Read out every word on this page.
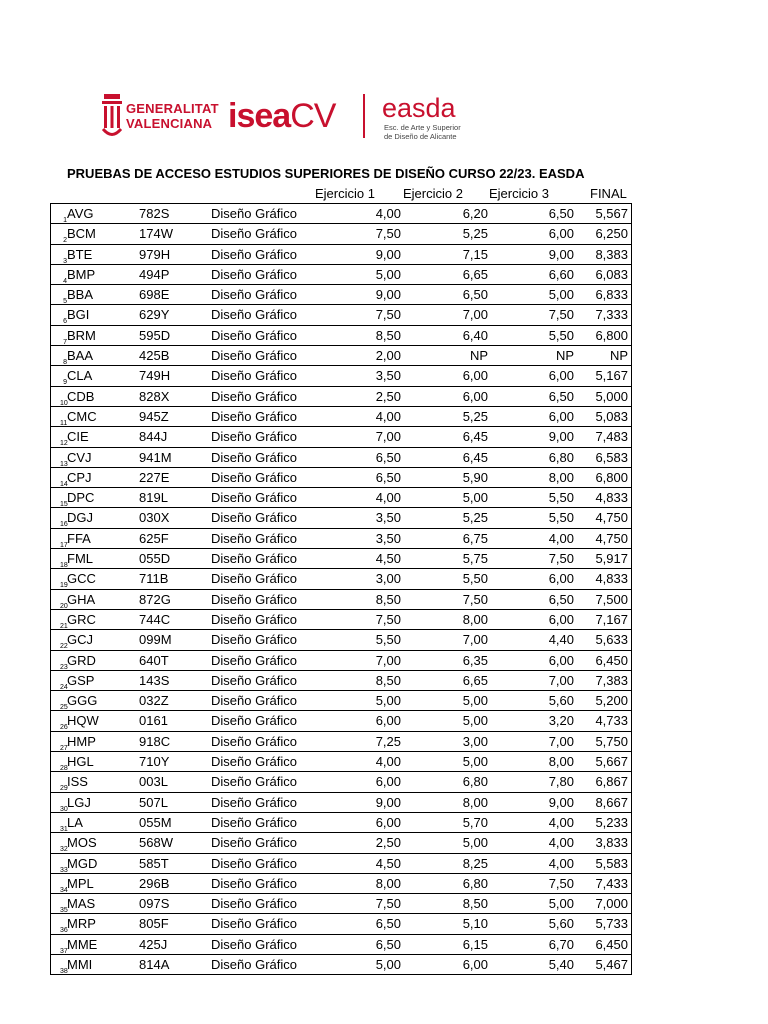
GENERALITAT
VALENCIANA iseaCV easda
Esc. de Arte y Superior
de Diseño de Alicante
PRUEBAS DE ACCESO ESTUDIOS SUPERIORES DE DISEÑO CURSO 22/23. EASDA
Ejercicio 1 Ejercicio 2 Ejercicio 3	FINAL
1 AVG	782S	Diseño Gráfico	4,00	6,20	6,50	5,567
2 BCM	174W	Diseño Gráfico	7,50	5,25	6,00	6,250
3 BTE	979H	Diseño Gráfico	9,00	7,15	9,00	8,383
4 BMP	494P	Diseño Gráfico	5,00	6,65	6,60	6,083
5 BBA	698E	Diseño Gráfico	9,00	6,50	5,00	6,833
6 BGI	629Y	Diseño Gráfico	7,50	7,00	7,50	7,333
7 BRM	595D	Diseño Gráfico	8,50	6,40	5,50	6,800
8 BAA	425B	Diseño Gráfico	2,00	NP	NP	NP
9 CLA	749H	Diseño Gráfico	3,50	6,00	6,00	5,167
10 CDB	828X	Diseño Gráfico	2,50	6,00	6,50	5,000
11 CMC	945Z	Diseño Gráfico	4,00	5,25	6,00	5,083
12 CIE	844J	Diseño Gráfico	7,00	6,45	9,00	7,483
13 CVJ	941M	Diseño Gráfico	6,50	6,45	6,80	6,583
14 CPJ	227E	Diseño Gráfico	6,50	5,90	8,00	6,800
15 DPC	819L	Diseño Gráfico	4,00	5,00	5,50	4,833
16 DGJ	030X	Diseño Gráfico	3,50	5,25	5,50	4,750
17 FFA	625F	Diseño Gráfico	3,50	6,75	4,00	4,750
18 FML	055D	Diseño Gráfico	4,50	5,75	7,50	5,917
19 GCC	711B	Diseño Gráfico	3,00	5,50	6,00	4,833
20 GHA	872G	Diseño Gráfico	8,50	7,50	6,50	7,500
21 GRC	744C	Diseño Gráfico	7,50	8,00	6,00	7,167
22 GCJ	099M	Diseño Gráfico	5,50	7,00	4,40	5,633
23 GRD	640T	Diseño Gráfico	7,00	6,35	6,00	6,450
24 GSP	143S	Diseño Gráfico	8,50	6,65	7,00	7,383
25 GGG	032Z	Diseño Gráfico	5,00	5,00	5,60	5,200
26 HQW	0161	Diseño Gráfico	6,00	5,00	3,20	4,733
27 HMP	918C	Diseño Gráfico	7,25	3,00	7,00	5,750
28 HGL	710Y	Diseño Gráfico	4,00	5,00	8,00	5,667
29 ISS	003L	Diseño Gráfico	6,00	6,80	7,80	6,867
30 LGJ	507L	Diseño Gráfico	9,00	8,00	9,00	8,667
31 LA	055M	Diseño Gráfico	6,00	5,70	4,00	5,233
32 MOS	568W	Diseño Gráfico	2,50	5,00	4,00	3,833
33 MGD	585T	Diseño Gráfico	4,50	8,25	4,00	5,583
34 MPL	296B	Diseño Gráfico	8,00	6,80	7,50	7,433
35 MAS	097S	Diseño Gráfico	7,50	8,50	5,00	7,000
36 MRP	805F	Diseño Gráfico	6,50	5,10	5,60	5,733
37 MME	425J	Diseño Gráfico	6,50	6,15	6,70	6,450
38 MMI	814A	Diseño Gráfico	5,00	6,00	5,40	5,467
